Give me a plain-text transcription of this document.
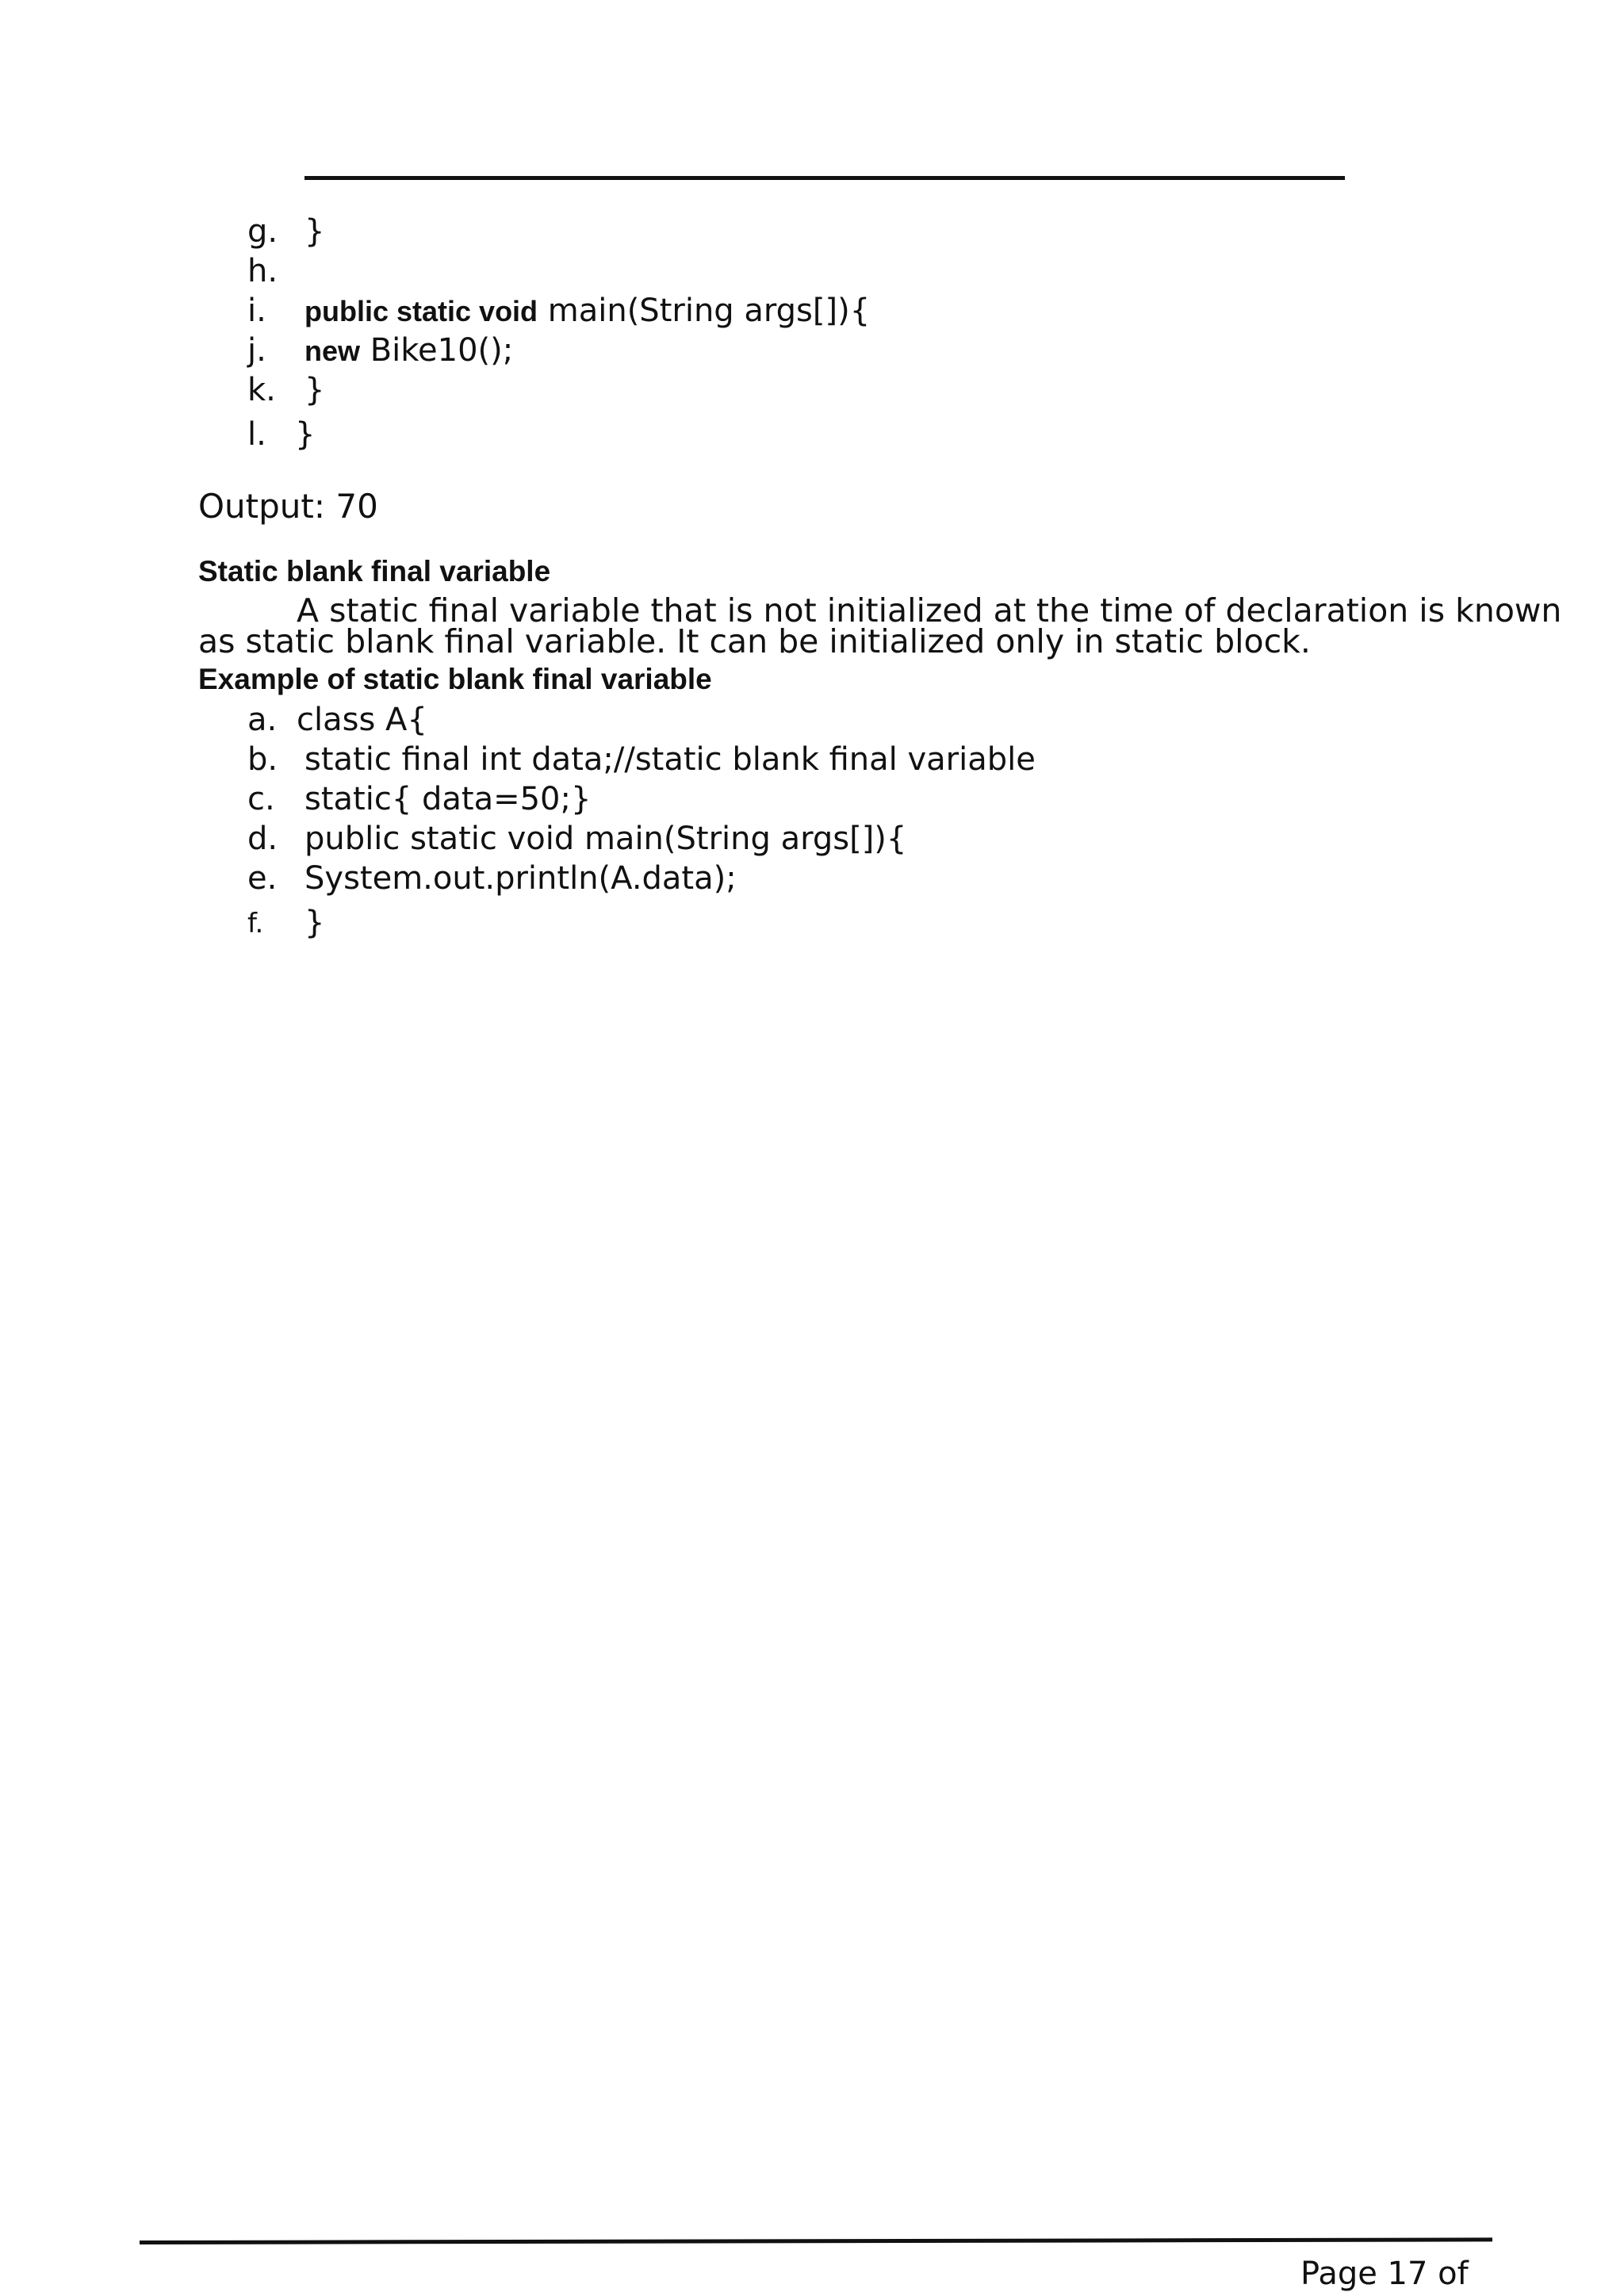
g. }
h.
i. public static void main(String args[]){
j. new Bike10();
k. }
l. }
Output: 70
Static blank final variable
A static final variable that is not initialized at the time of declaration is known
as static blank final variable. It can be initialized only in static block.
Example of static blank final variable
a. class A{
b. static final int data;//static blank final variable
c. static{ data=50;}
d. public static void main(String args[]){
e. System.out.println(A.data);
f. }
Page 17 of
